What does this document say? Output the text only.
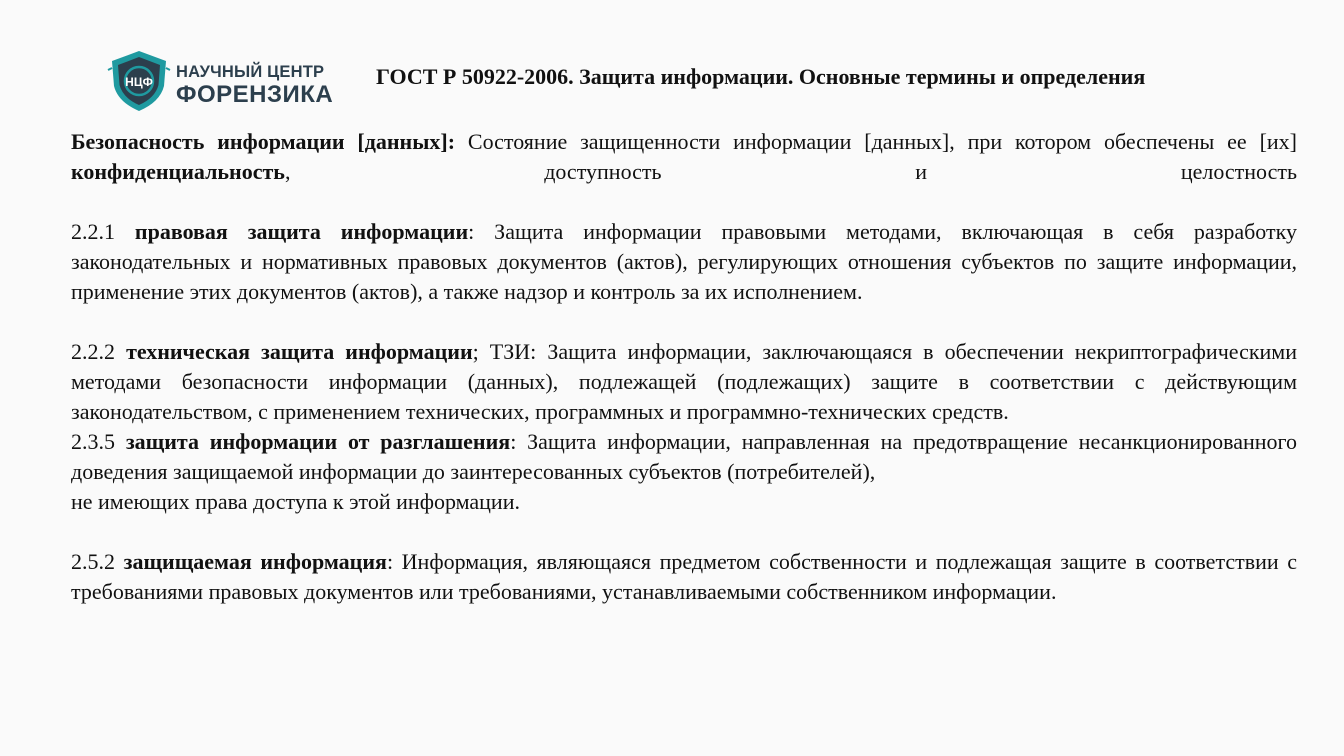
НЦФ
НАУЧНЫЙ ЦЕНТР
ФОРЕНЗИКА
ГОСТ Р 50922-2006. Защита информации. Основные термины и определения

Безопасность информации [данных]: Состояние защищенности информации [данных], при котором обеспечены ее [их] конфиденциальность, доступность и целостность

2.2.1 правовая защита информации: Защита информации правовыми методами, включающая в себя разработку законодательных и нормативных правовых документов (актов), регулирующих отношения субъектов по защите информации, применение этих документов (актов), а также надзор и контроль за их исполнением.

2.2.2 техническая защита информации; ТЗИ: Защита информации, заключающаяся в обеспечении некриптографическими методами безопасности информации (данных), подлежащей (подлежащих) защите в соответствии с действующим законодательством, с применением технических, программных и программно-технических средств.

2.3.5 защита информации от разглашения: Защита информации, направленная на предотвращение несанкционированного доведения защищаемой информации до заинтересованных субъектов (потребителей),
не имеющих права доступа к этой информации.

2.5.2 защищаемая информация: Информация, являющаяся предметом собственности и подлежащая защите в соответствии с требованиями правовых документов или требованиями, устанавливаемыми собственником информации.
